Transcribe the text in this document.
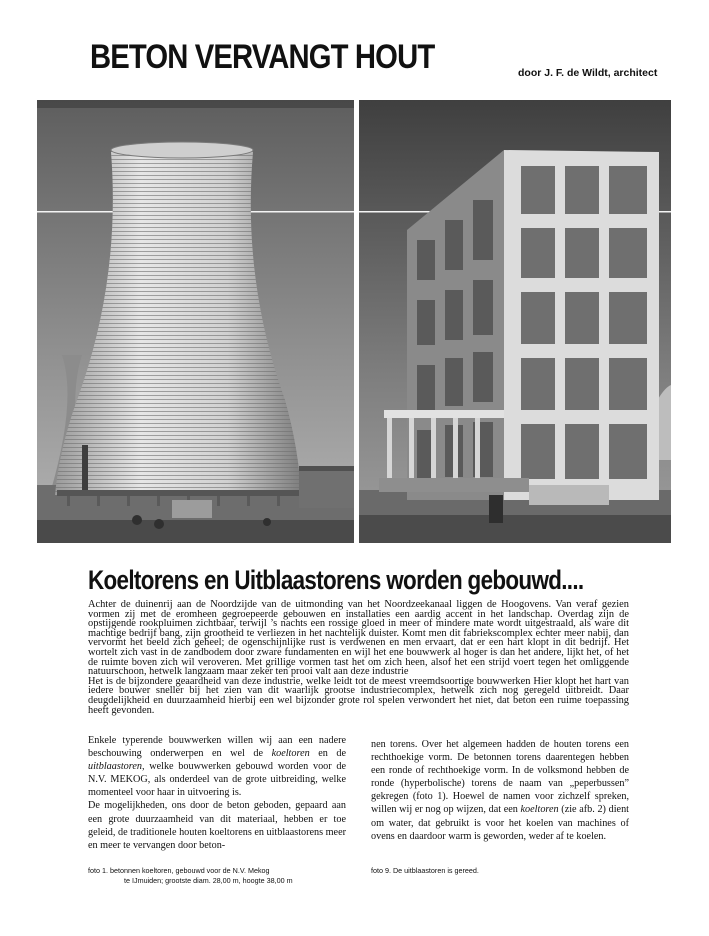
BETON VERVANGT HOUT	door J. F. de Wildt, architect
Koeltorens en Uitblaastorens worden gebouwd....

Achter de duinenrij aan de Noordzijde van de uitmonding van het Noordzeekanaal liggen de Hoogovens. Van veraf gezien vormen zij met de eromheen gegroepeerde gebouwen en installaties een aardig accent in het landschap. Overdag zijn de opstijgende rookpluimen zichtbaar, terwijl ’s nachts een rossige gloed in meer of mindere mate wordt uitgestraald, als ware dit machtige bedrijf bang, zijn grootheid te verliezen in het nachtelijk duister. Komt men dit fabriekscomplex echter meer nabij, dan vervormt het beeld zich geheel; de ogenschijnlijke rust is verdwenen en men ervaart, dat er een hart klopt in dit bedrijf. Het wortelt zich vast in de zandbodem door zware fundamenten en wijl het ene bouwwerk al hoger is dan het andere, lijkt het, of het de ruimte boven zich wil veroveren. Met grillige vormen tast het om zich heen, alsof het een strijd voert tegen het omliggende natuurschoon, hetwelk langzaam maar zeker ten prooi valt aan deze industrie

Het is de bijzondere geaardheid van deze industrie, welke leidt tot de meest vreemdsoortige bouwwerken Hier klopt het hart van iedere bouwer sneller bij het zien van dit waarlijk grootse industriecomplex, hetwelk zich nog geregeld uitbreidt. Daar deugdelijkheid en duurzaamheid hierbij een wel bijzonder grote rol spelen verwondert het niet, dat beton een ruime toepassing heeft gevonden.

Enkele typerende bouwwerken willen wij aan een nadere beschouwing onderwerpen en wel de koeltoren en de uitblaastoren, welke bouwwerken gebouwd worden voor de N.V. MEKOG, als onderdeel van de grote uitbreiding, welke momenteel voor haar in uitvoering is.

De mogelijkheden, ons door de beton geboden, gepaard aan een grote duurzaamheid van dit materiaal, hebben er toe geleid, de traditionele houten koeltorens en uitblaastorens meer en meer te vervangen door beton-

nen torens. Over het algemeen hadden de houten torens een rechthoekige vorm. De betonnen torens daarentegen hebben een ronde of rechthoekige vorm. In de volksmond hebben de ronde (hyperbolische) torens de naam van „peperbussen” gekregen (foto 1). Hoewel de namen voor zichzelf spreken, willen wij er nog op wijzen, dat een koeltoren (zie afb. 2) dient om water, dat gebruikt is voor het koelen van machines of ovens en daardoor warm is geworden, weder af te koelen.

foto 1. betonnen koeltoren, gebouwd voor de N.V. Mekog
te IJmuiden; grootste diam. 28,00 m, hoogte 38,00 m
foto 9. De uitblaastoren is gereed.
